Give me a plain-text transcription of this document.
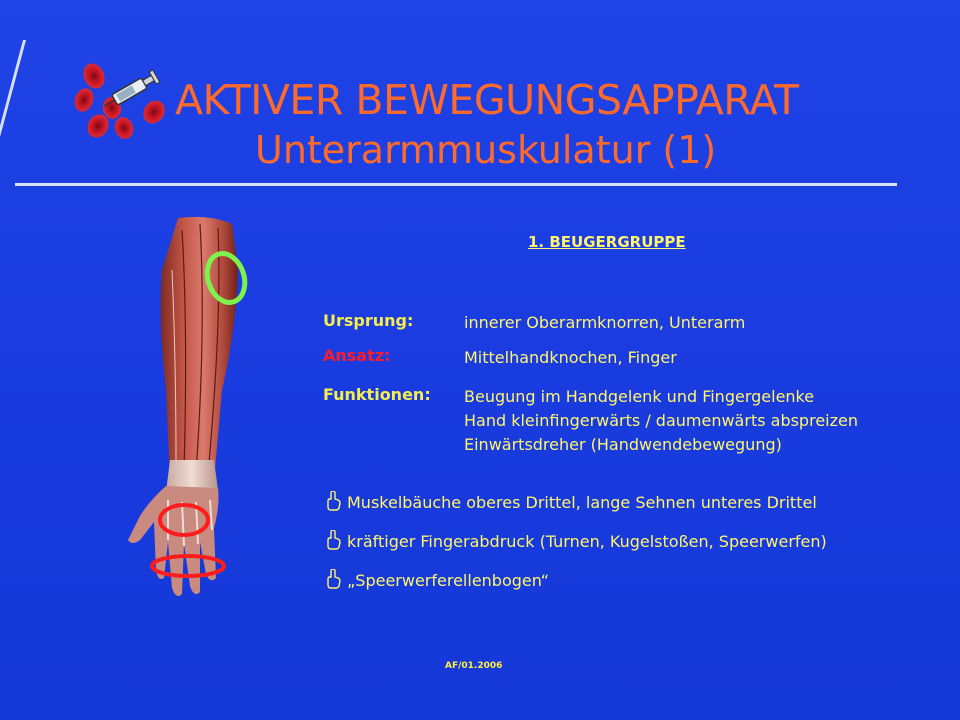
AKTIVER BEWEGUNGSAPPARAT
Unterarmmuskulatur (1)
1. BEUGERGRUPPE
Ursprung:	innerer Oberarmknorren, Unterarm
Ansatz:	Mittelhandknochen, Finger
Funktionen: Beugung im Handgelenk und Fingergelenke
Hand kleinfingerwärts / daumenwärts abspreizen
Einwärtsdreher (Handwendebewegung)
Muskelbäuche oberes Drittel, lange Sehnen unteres Drittel
kräftiger Fingerabdruck (Turnen, Kugelstoßen, Speerwerfen)
„Speerwerferellenbogen“
AF/01.2006
